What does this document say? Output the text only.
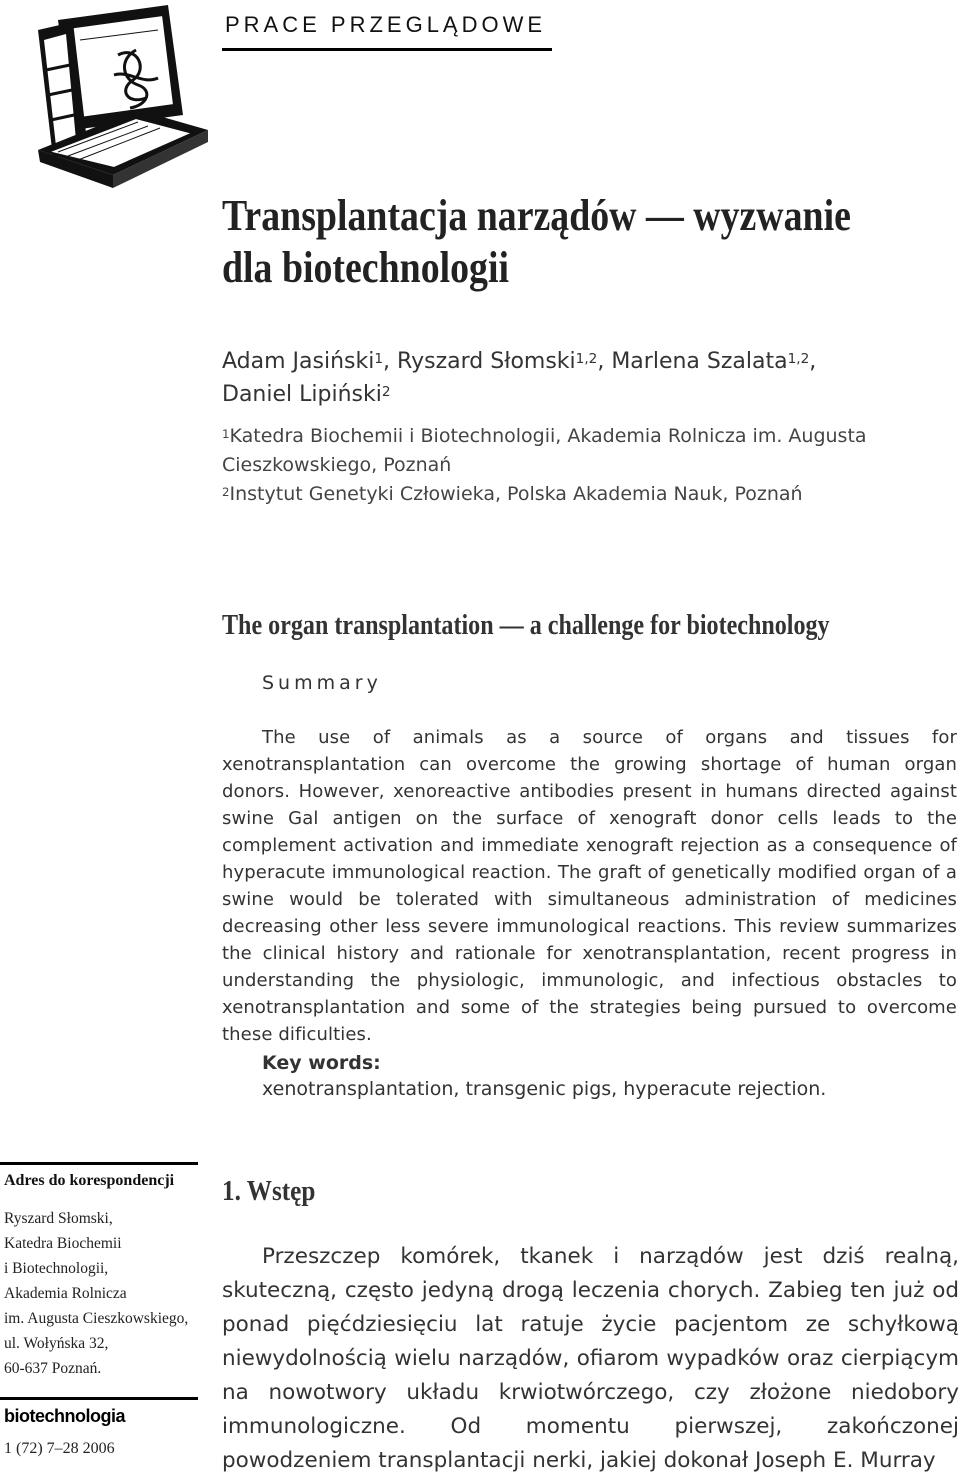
PRACE PRZEGLĄDOWE
Transplantacja narządów — wyzwanie
dla biotechnologii
Adam Jasiński$^1$, Ryszard Słomski$^{1,2}$, Marlena Szalata$^{1,2}$,
Daniel Lipiński$^2$
$^1$Katedra Biochemii i Biotechnologii, Akademia Rolnicza im. Augusta Cieszkowskiego, Poznań
$^2$Instytut Genetyki Człowieka, Polska Akademia Nauk, Poznań
The organ transplantation — a challenge for biotechnology
Summary
The use of animals as a source of organs and tissues for xenotransplantation can overcome the growing shortage of human organ donors. However, xenoreactive antibodies present in humans directed against swine Gal antigen on the surface of xenograft donor cells leads to the complement activation and immediate xenograft rejection as a consequence of hyperacute immunological reaction. The graft of genetically modified organ of a swine would be tolerated with simultaneous administration of medicines decreasing other less severe immunological reactions. This review summarizes the clinical history and rationale for xenotransplantation, recent progress in understanding the physiologic, immunologic, and infectious obstacles to xenotransplantation and some of the strategies being pursued to overcome these dificulties.
Key words:
xenotransplantation, transgenic pigs, hyperacute rejection.
Adres do korespondencji
Ryszard Słomski,
Katedra Biochemii
i Biotechnologii,
Akademia Rolnicza
im. Augusta Cieszkowskiego,
ul. Wołyńska 32,
60-637 Poznań.
biotechnologia
1 (72) 7–28 2006
1. Wstęp
Przeszczep komórek, tkanek i narządów jest dziś realną, skuteczną, często jedyną drogą leczenia chorych. Zabieg ten już od ponad pięćdziesięciu lat ratuje życie pacjentom ze schyłkową niewydolnością wielu narządów, ofiarom wypadków oraz cierpiącym na nowotwory układu krwiotwórczego, czy złożone niedobory immunologiczne. Od momentu pierwszej, zakończonej powodzeniem transplantacji nerki, jakiej dokonał Joseph E. Murray
